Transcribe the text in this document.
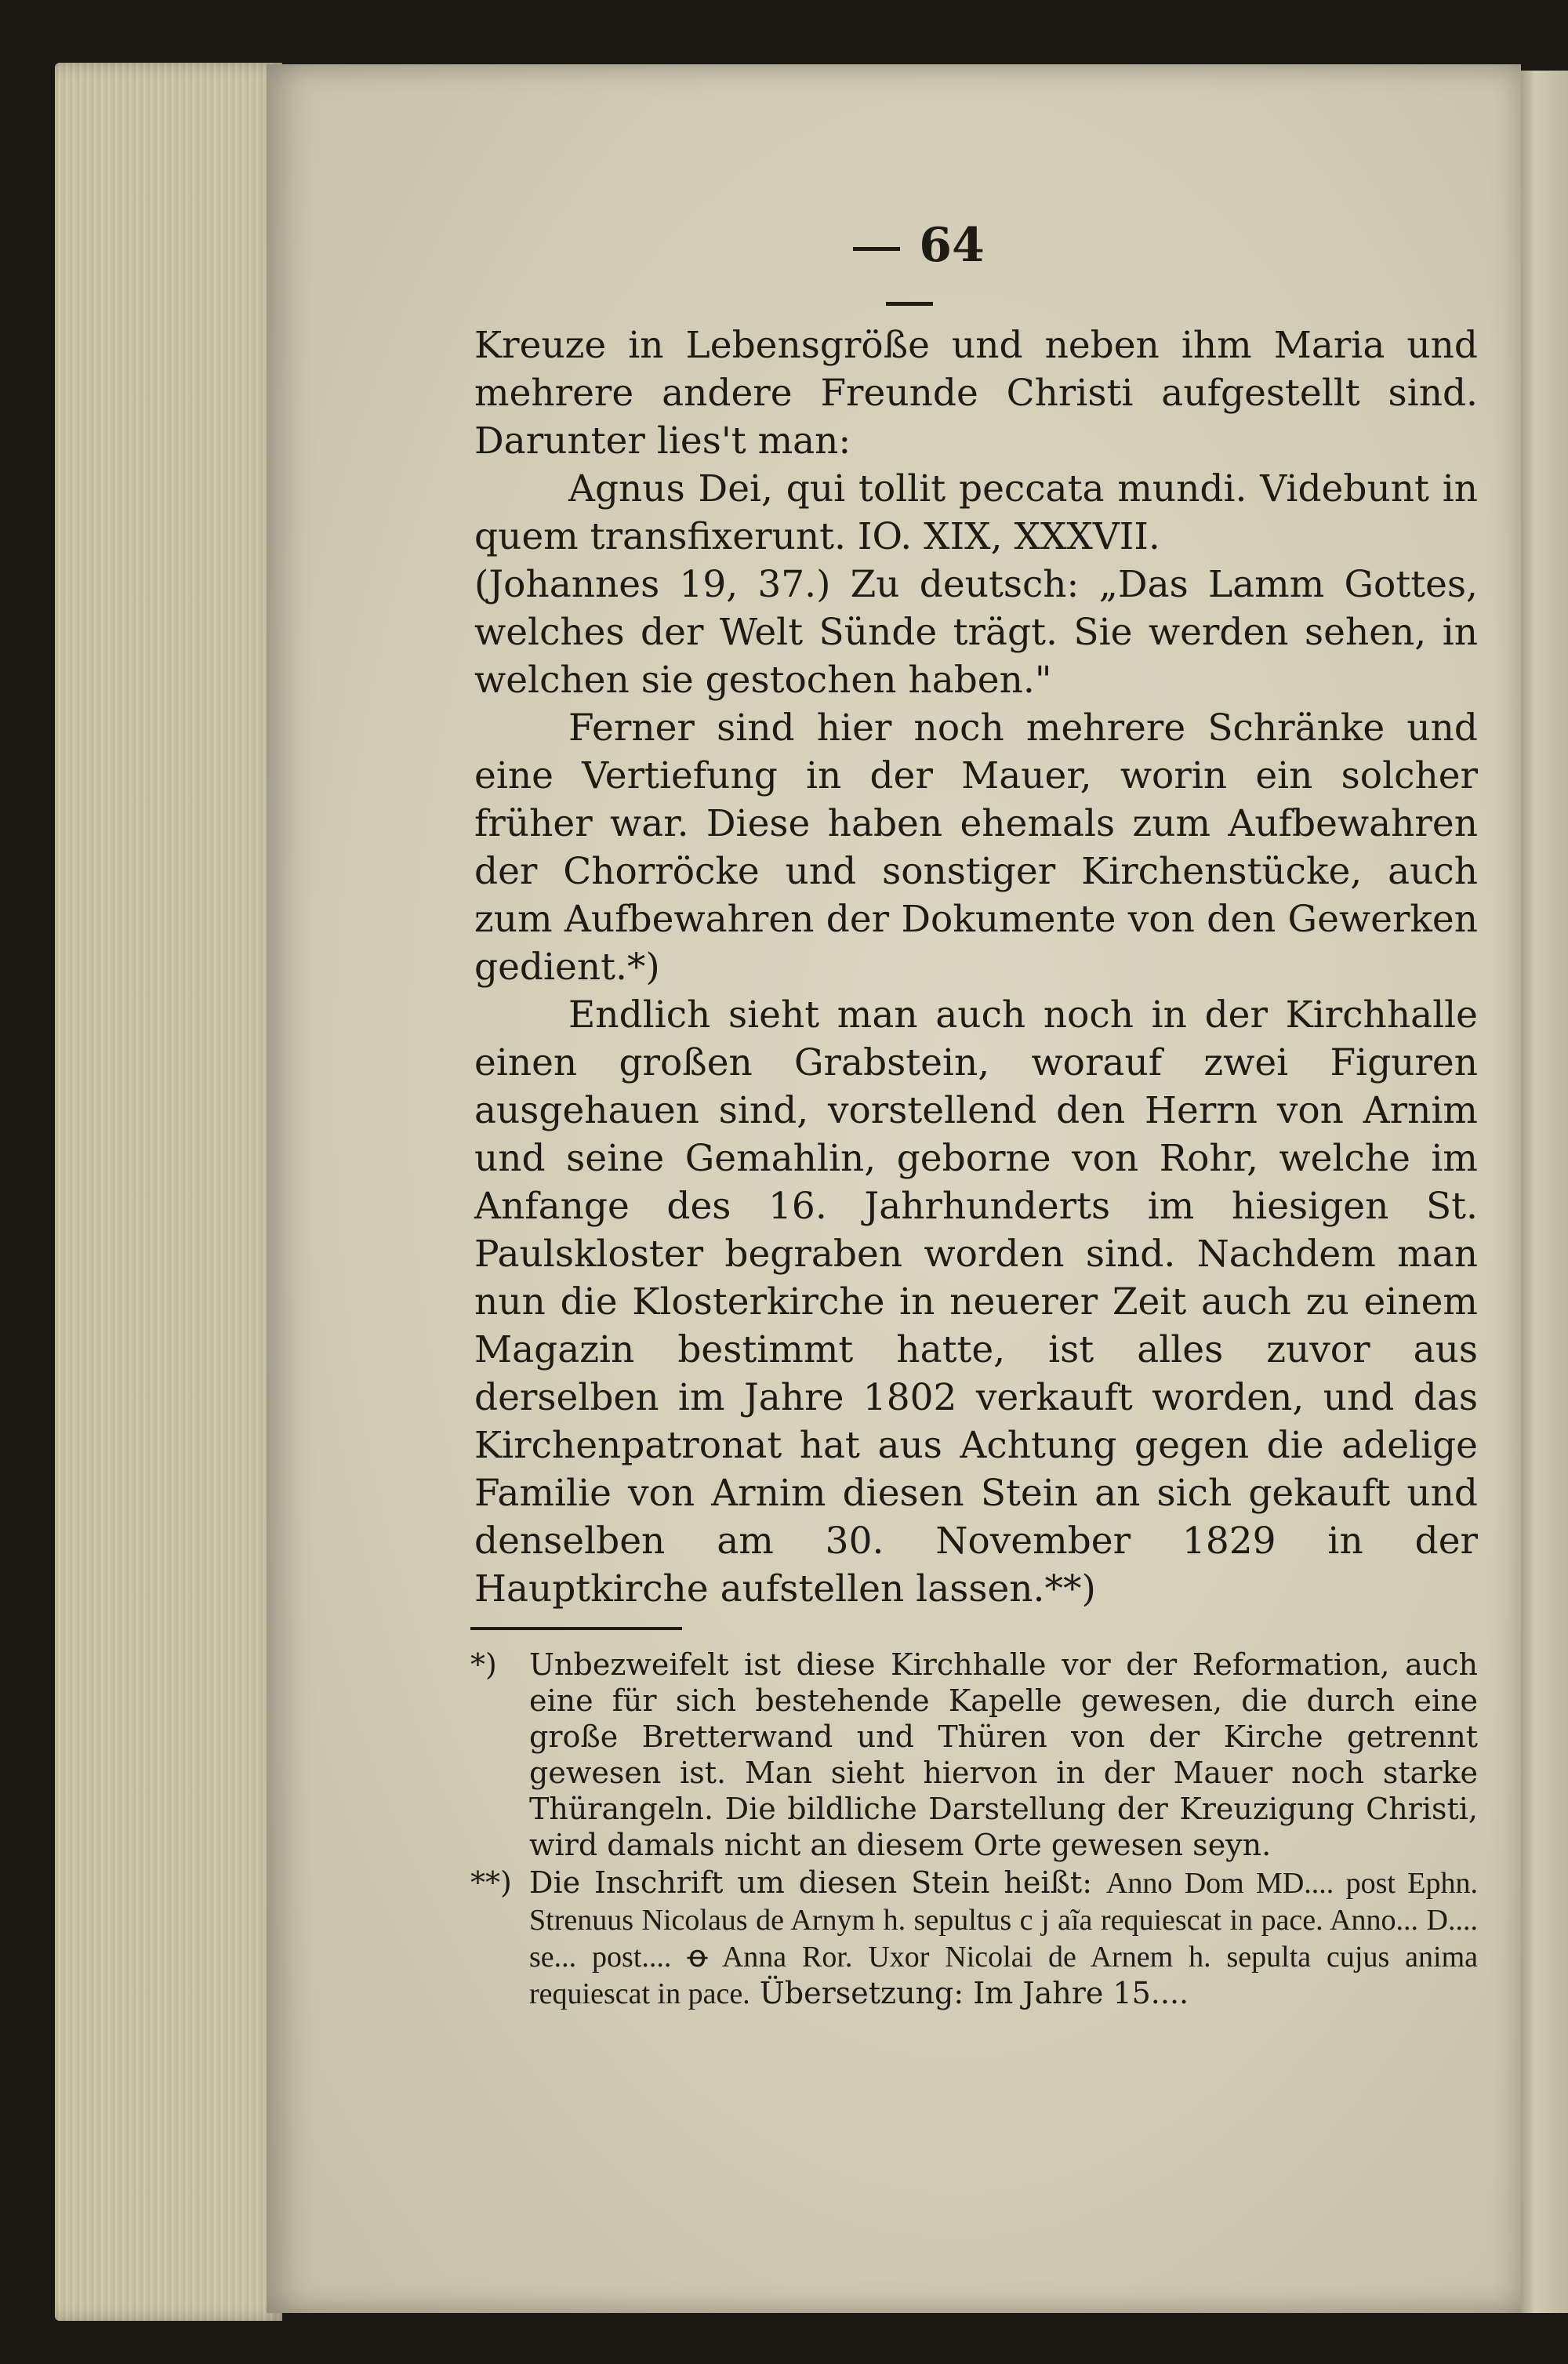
64

Kreuze in Lebensgröße und neben ihm Maria und mehrere andere Freunde Christi aufgestellt sind. Darunter lies't man:

Agnus Dei, qui tollit peccata mundi. Videbunt in quem transfixerunt. IO. XIX, XXXVII.

(Johannes 19, 37.) Zu deutsch: „Das Lamm Gottes, welches der Welt Sünde trägt. Sie werden sehen, in welchen sie gestochen haben."

Ferner sind hier noch mehrere Schränke und eine Vertiefung in der Mauer, worin ein solcher früher war. Diese haben ehemals zum Aufbewahren der Chorröcke und sonstiger Kirchenstücke, auch zum Aufbewahren der Dokumente von den Gewerken gedient.*)

Endlich sieht man auch noch in der Kirchhalle einen großen Grabstein, worauf zwei Figuren ausgehauen sind, vorstellend den Herrn von Arnim und seine Gemahlin, geborne von Rohr, welche im Anfange des 16. Jahrhunderts im hiesigen St. Paulskloster begraben worden sind. Nachdem man nun die Klosterkirche in neuerer Zeit auch zu einem Magazin bestimmt hatte, ist alles zuvor aus derselben im Jahre 1802 verkauft worden, und das Kirchenpatronat hat aus Achtung gegen die adelige Familie von Arnim diesen Stein an sich gekauft und denselben am 30. November 1829 in der Hauptkirche aufstellen lassen.**)

*) Unbezweifelt ist diese Kirchhalle vor der Reformation, auch eine für sich bestehende Kapelle gewesen, die durch eine große Bretterwand und Thüren von der Kirche getrennt gewesen ist. Man sieht hiervon in der Mauer noch starke Thürangeln. Die bildliche Darstellung der Kreuzigung Christi, wird damals nicht an diesem Orte gewesen seyn.
**) Die Inschrift um diesen Stein heißt: Anno Dom MD.... post Ephn. Strenuus Nicolaus de Arnym h. sepultus c j aĩa requiescat in pace. Anno... D.... se... post.... ꝋ Anna Ror. Uxor Nicolai de Arnem h. sepulta cujus anima requiescat in pace. Übersetzung: Im Jahre 15....
